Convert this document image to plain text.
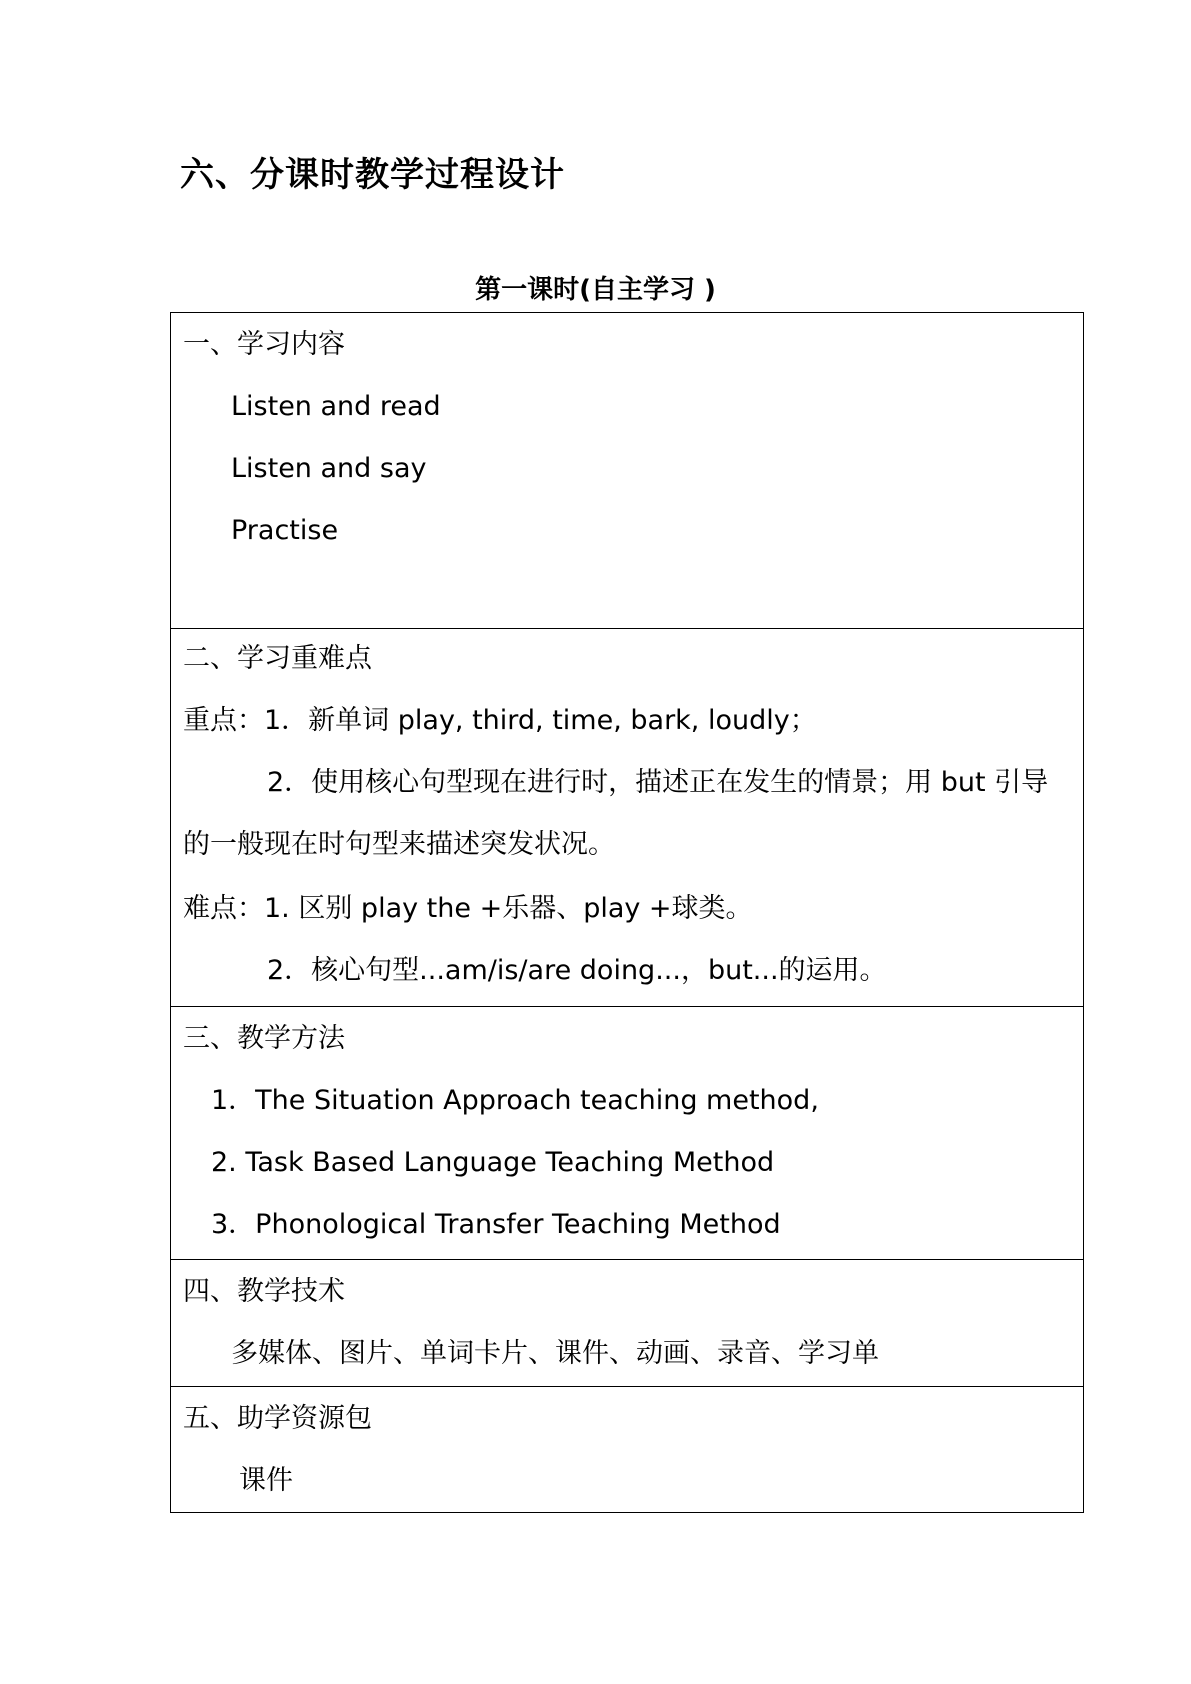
六、分课时教学过程设计
第一课时(自主学习 )
一、学习内容
Listen and read
Listen and say
Practise
二、学习重难点
重点：1．新单词 play, third, time, bark, loudly；
2．使用核心句型现在进行时，描述正在发生的情景；用 but 引导
的一般现在时句型来描述突发状况。
难点：1. 区别 play the +乐器、play +球类。
2．核心句型...am/is/are doing...，but...的运用。
三、教学方法
1．The Situation Approach teaching method,
2. Task Based Language Teaching Method
3．Phonological Transfer Teaching Method
四、教学技术
多媒体、图片、单词卡片、课件、动画、录音、学习单
五、助学资源包
课件
